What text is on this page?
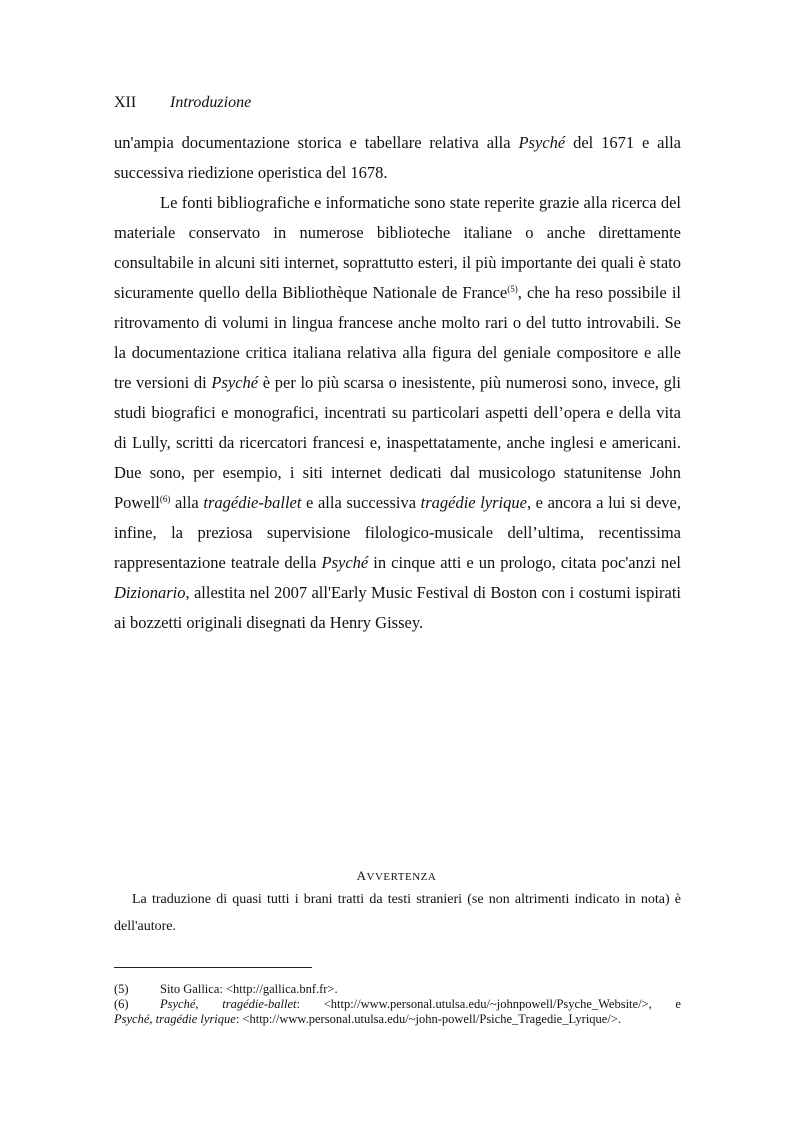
XII Introduzione

un'ampia documentazione storica e tabellare relativa alla Psyché del 1671 e alla successiva riedizione operistica del 1678.

Le fonti bibliografiche e informatiche sono state reperite grazie alla ricerca del materiale conservato in numerose biblioteche italiane o anche direttamente consultabile in alcuni siti internet, soprattutto esteri, il più importante dei quali è stato sicuramente quello della Bibliothèque Nationale de France$^{(5)}$, che ha reso possibile il ritrovamento di volumi in lingua francese anche molto rari o del tutto introvabili. Se la documentazione critica italiana relativa alla figura del geniale compositore e alle tre versioni di Psyché è per lo più scarsa o inesistente, più numerosi sono, invece, gli studi biografici e monografici, incentrati su particolari aspetti dell’opera e della vita di Lully, scritti da ricercatori francesi e, inaspettatamente, anche inglesi e americani. Due sono, per esempio, i siti internet dedicati dal musicologo statunitense John Powell$^{(6)}$ alla tragédie-ballet e alla successiva tragédie lyrique, e ancora a lui si deve, infine, la preziosa supervisione filologico-musicale dell’ultima, recentissima rappresentazione teatrale della Psyché in cinque atti e un prologo, citata poc'anzi nel Dizionario, allestita nel 2007 all'Early Music Festival di Boston con i costumi ispirati ai bozzetti originali disegnati da Henry Gissey.

AVVERTENZA
La traduzione di quasi tutti i brani tratti da testi stranieri (se non altrimenti indicato in nota) è dell'autore.
(5)	Sito Gallica: <http://gallica.bnf.fr>.
(6)	Psyché, tragédie-ballet: <http://www.personal.utulsa.edu/~johnpowell/Psyche_Website/>, e
Psyché, tragédie lyrique: <http://www.personal.utulsa.edu/~john-powell/Psiche_Tragedie_Lyrique/>.
